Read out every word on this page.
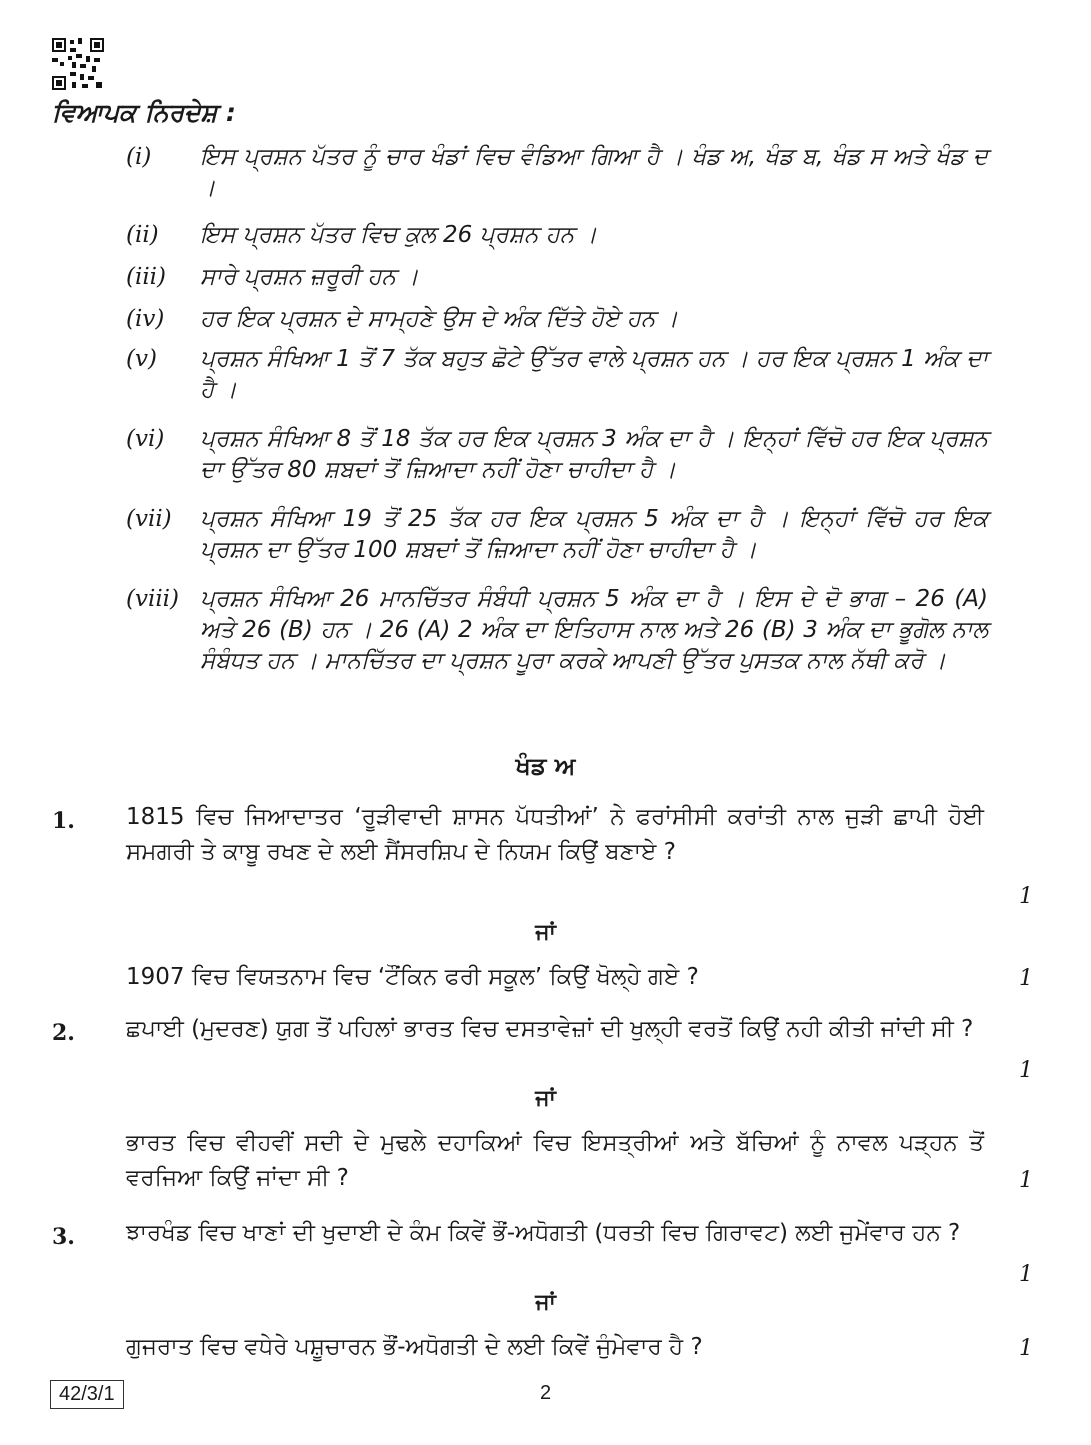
ਵਿਆਪਕ ਨਿਰਦੇਸ਼ :
(i)	ਇਸ ਪ੍ਰਸ਼ਨ ਪੱਤਰ ਨੂੰ ਚਾਰ ਖੰਡਾਂ ਵਿਚ ਵੰਡਿਆ ਗਿਆ ਹੈ । ਖੰਡ ਅ, ਖੰਡ ਬ, ਖੰਡ ਸ ਅਤੇ ਖੰਡ ਦ ।
(ii)	ਇਸ ਪ੍ਰਸ਼ਨ ਪੱਤਰ ਵਿਚ ਕੁਲ 26 ਪ੍ਰਸ਼ਨ ਹਨ ।
(iii)	ਸਾਰੇ ਪ੍ਰਸ਼ਨ ਜ਼ਰੂਰੀ ਹਨ ।
(iv)	ਹਰ ਇਕ ਪ੍ਰਸ਼ਨ ਦੇ ਸਾਮ੍ਹਣੇ ਉਸ ਦੇ ਅੰਕ ਦਿੱਤੇ ਹੋਏ ਹਨ ।
(v)	ਪ੍ਰਸ਼ਨ ਸੰਖਿਆ 1 ਤੋਂ 7 ਤੱਕ ਬਹੁਤ ਛੋਟੇ ਉੱਤਰ ਵਾਲੇ ਪ੍ਰਸ਼ਨ ਹਨ । ਹਰ ਇਕ ਪ੍ਰਸ਼ਨ 1 ਅੰਕ ਦਾ ਹੈ ।
(vi)	ਪ੍ਰਸ਼ਨ ਸੰਖਿਆ 8 ਤੋਂ 18 ਤੱਕ ਹਰ ਇਕ ਪ੍ਰਸ਼ਨ 3 ਅੰਕ ਦਾ ਹੈ । ਇਨ੍ਹਾਂ ਵਿੱਚੋ ਹਰ ਇਕ ਪ੍ਰਸ਼ਨ ਦਾ ਉੱਤਰ 80 ਸ਼ਬਦਾਂ ਤੋਂ ਜ਼ਿਆਦਾ ਨਹੀਂ ਹੋਣਾ ਚਾਹੀਦਾ ਹੈ ।
(vii)	ਪ੍ਰਸ਼ਨ ਸੰਖਿਆ 19 ਤੋਂ 25 ਤੱਕ ਹਰ ਇਕ ਪ੍ਰਸ਼ਨ 5 ਅੰਕ ਦਾ ਹੈ । ਇਨ੍ਹਾਂ ਵਿੱਚੋ ਹਰ ਇਕ ਪ੍ਰਸ਼ਨ ਦਾ ਉੱਤਰ 100 ਸ਼ਬਦਾਂ ਤੋਂ ਜ਼ਿਆਦਾ ਨਹੀਂ ਹੋਣਾ ਚਾਹੀਦਾ ਹੈ ।
(viii) ਪ੍ਰਸ਼ਨ ਸੰਖਿਆ 26 ਮਾਨਚਿੱਤਰ ਸੰਬੰਧੀ ਪ੍ਰਸ਼ਨ 5 ਅੰਕ ਦਾ ਹੈ । ਇਸ ਦੇ ਦੋ ਭਾਗ – 26 (A) ਅਤੇ 26 (B) ਹਨ । 26 (A) 2 ਅੰਕ ਦਾ ਇਤਿਹਾਸ ਨਾਲ ਅਤੇ 26 (B) 3 ਅੰਕ ਦਾ ਭੂਗੋਲ ਨਾਲ ਸੰਬੰਧਤ ਹਨ । ਮਾਨਚਿੱਤਰ ਦਾ ਪ੍ਰਸ਼ਨ ਪੂਰਾ ਕਰਕੇ ਆਪਣੀ ਉੱਤਰ ਪੁਸਤਕ ਨਾਲ ਨੱਥੀ ਕਰੋ ।
ਖੰਡ ਅ
1. 1815 ਵਿਚ ਜਿਆਦਾਤਰ ‘ਰੂੜੀਵਾਦੀ ਸ਼ਾਸਨ ਪੱਧਤੀਆਂ’ ਨੇ ਫਰਾਂਸੀਸੀ ਕਰਾਂਤੀ ਨਾਲ ਜੁੜੀ ਛਾਪੀ ਹੋਈ ਸਮਗਰੀ ਤੇ ਕਾਬੂ ਰਖਣ ਦੇ ਲਈ ਸੈਂਸਰਸ਼ਿਪ ਦੇ ਨਿਯਮ ਕਿਉਂ ਬਣਾਏ ?
1
ਜਾਂ
1907 ਵਿਚ ਵਿਯਤਨਾਮ ਵਿਚ ‘ਟੌਂਕਿਨ ਫਰੀ ਸਕੂਲ’ ਕਿਉਂ ਖੋਲ੍ਹੇ ਗਏ ?	1
2. ਛਪਾਈ (ਮੁਦਰਣ) ਯੁਗ ਤੋਂ ਪਹਿਲਾਂ ਭਾਰਤ ਵਿਚ ਦਸਤਾਵੇਜ਼ਾਂ ਦੀ ਖੁਲ੍ਹੀ ਵਰਤੋਂ ਕਿਉਂ ਨਹੀ ਕੀਤੀ ਜਾਂਦੀ ਸੀ ?
1
ਜਾਂ
ਭਾਰਤ ਵਿਚ ਵੀਹਵੀਂ ਸਦੀ ਦੇ ਮੁਢਲੇ ਦਹਾਕਿਆਂ ਵਿਚ ਇਸਤ੍ਰੀਆਂ ਅਤੇ ਬੱਚਿਆਂ ਨੂੰ ਨਾਵਲ ਪੜ੍ਹਨ ਤੋਂ ਵਰਜਿਆ ਕਿਉਂ ਜਾਂਦਾ ਸੀ ?	1
3. ਝਾਰਖੰਡ ਵਿਚ ਖਾਣਾਂ ਦੀ ਖੁਦਾਈ ਦੇ ਕੰਮ ਕਿਵੇਂ ਭੌਂ-ਅਧੋਗਤੀ (ਧਰਤੀ ਵਿਚ ਗਿਰਾਵਟ) ਲਈ ਜੁਮੇਂਵਾਰ ਹਨ ?
1
ਜਾਂ
ਗੁਜਰਾਤ ਵਿਚ ਵਧੇਰੇ ਪਸ਼ੂਚਾਰਨ ਭੌਂ-ਅਧੋਗਤੀ ਦੇ ਲਈ ਕਿਵੇਂ ਜੁੰਮੇਵਾਰ ਹੈ ?	1
42/3/1	2
